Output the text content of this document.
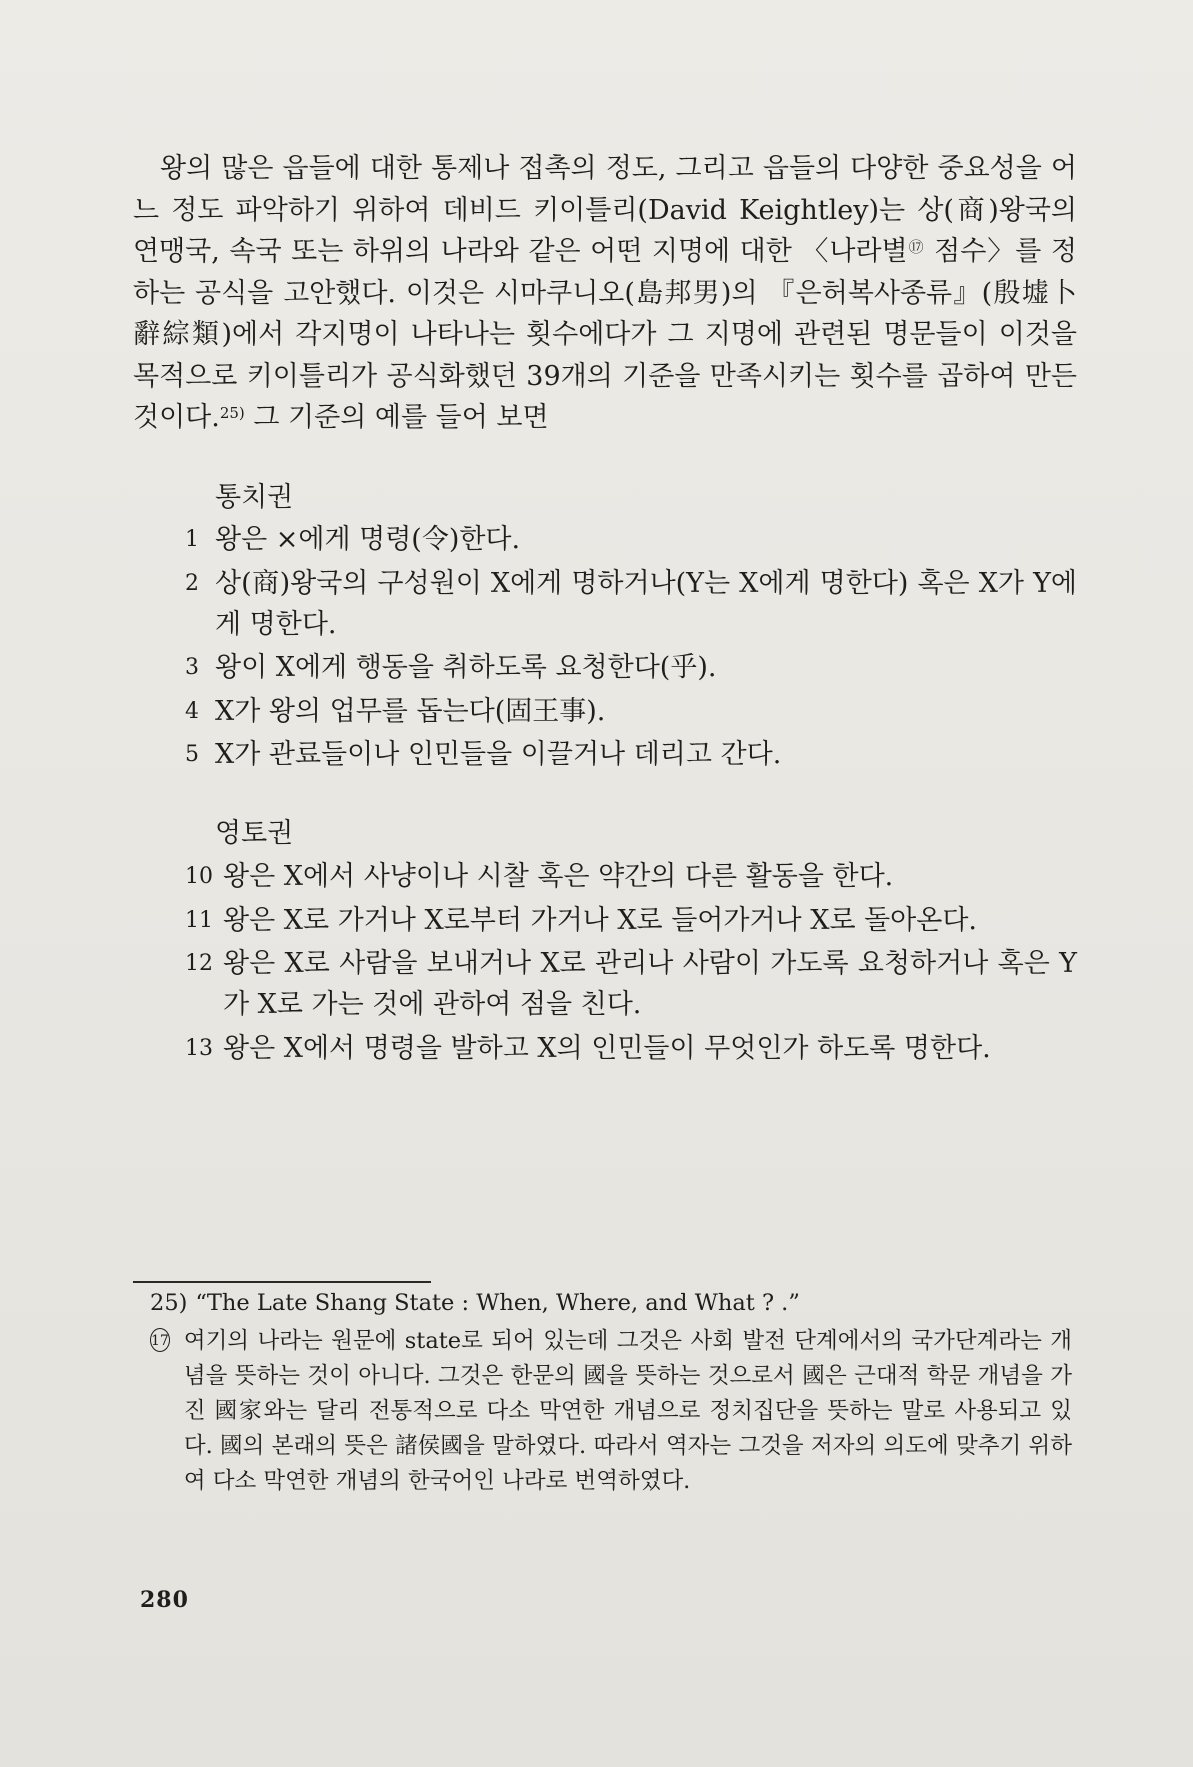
왕의 많은 읍들에 대한 통제나 접촉의 정도, 그리고 읍들의 다양한 중요성을 어느 정도 파악하기 위하여 데비드 키이틀리(David Keightley)는 상(商)왕국의 연맹국, 속국 또는 하위의 나라와 같은 어떤 지명에 대한 〈나라별⑰ 점수〉를 정하는 공식을 고안했다. 이것은 시마쿠니오(島邦男)의 『은허복사종류』(殷墟卜辭綜類)에서 각지명이 나타나는 횟수에다가 그 지명에 관련된 명문들이 이것을 목적으로 키이틀리가 공식화했던 39개의 기준을 만족시키는 횟수를 곱하여 만든 것이다.$^{25)}$ 그 기준의 예를 들어 보면

통치권
1 왕은 ×에게 명령(令)한다.
2 상(商)왕국의 구성원이 X에게 명하거나(Y는 X에게 명한다) 혹은 X가 Y에게 명한다.
3 왕이 X에게 행동을 취하도록 요청한다(乎).
4 X가 왕의 업무를 돕는다(固王事).
5 X가 관료들이나 인민들을 이끌거나 데리고 간다.
영토권
10 왕은 X에서 사냥이나 시찰 혹은 약간의 다른 활동을 한다.
11 왕은 X로 가거나 X로부터 가거나 X로 들어가거나 X로 돌아온다.
12 왕은 X로 사람을 보내거나 X로 관리나 사람이 가도록 요청하거나 혹은 Y가 X로 가는 것에 관하여 점을 친다.
13 왕은 X에서 명령을 발하고 X의 인민들이 무엇인가 하도록 명한다.
25) “The Late Shang State : When, Where, and What ? .”
17 여기의 나라는 원문에 state로 되어 있는데 그것은 사회 발전 단계에서의 국가단계라는 개념을 뜻하는 것이 아니다. 그것은 한문의 國을 뜻하는 것으로서 國은 근대적 학문 개념을 가진 國家와는 달리 전통적으로 다소 막연한 개념으로 정치집단을 뜻하는 말로 사용되고 있다. 國의 본래의 뜻은 諸侯國을 말하였다. 따라서 역자는 그것을 저자의 의도에 맞추기 위하여 다소 막연한 개념의 한국어인 나라로 번역하였다.
280
